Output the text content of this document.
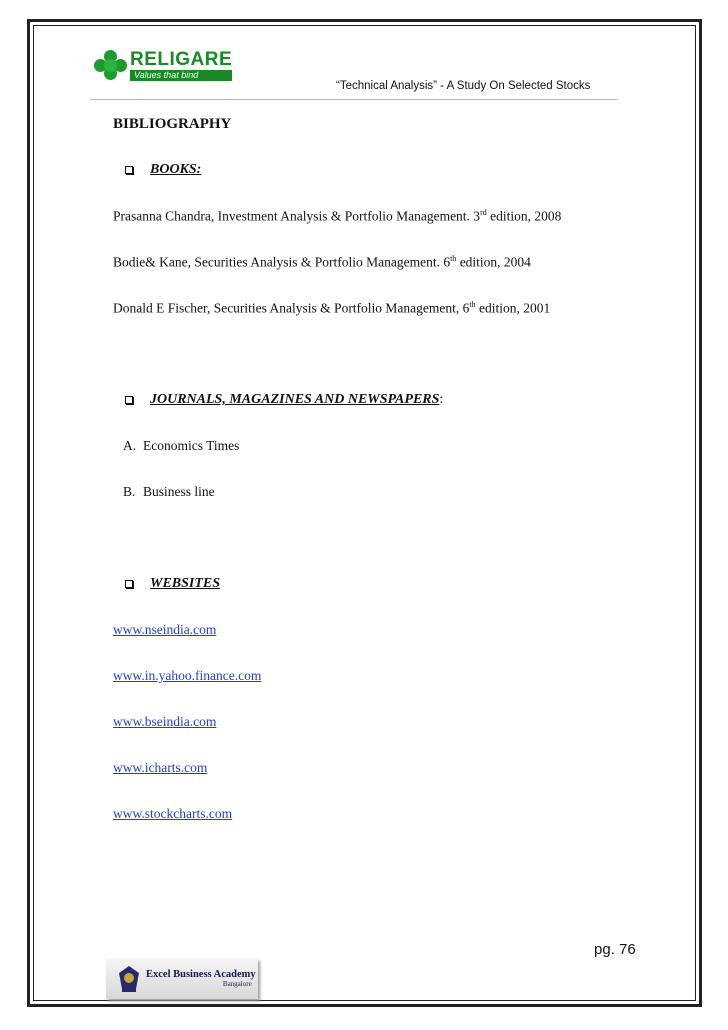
RELIGARE
Values that bind
“Technical Analysis” - A Study On Selected Stocks
BIBLIOGRAPHY
BOOKS:
Prasanna Chandra, Investment Analysis & Portfolio Management. 3rd edition, 2008
Bodie& Kane, Securities Analysis & Portfolio Management. 6th edition, 2004
Donald E Fischer, Securities Analysis & Portfolio Management, 6th edition, 2001
JOURNALS, MAGAZINES AND NEWSPAPERS :
A. Economics Times
B. Business line
WEBSITES
www.nseindia.com
www.in.yahoo.finance.com
www.bseindia.com
www.icharts.com
www.stockcharts.com
pg. 76
Excel Business Academy
Bangalore
